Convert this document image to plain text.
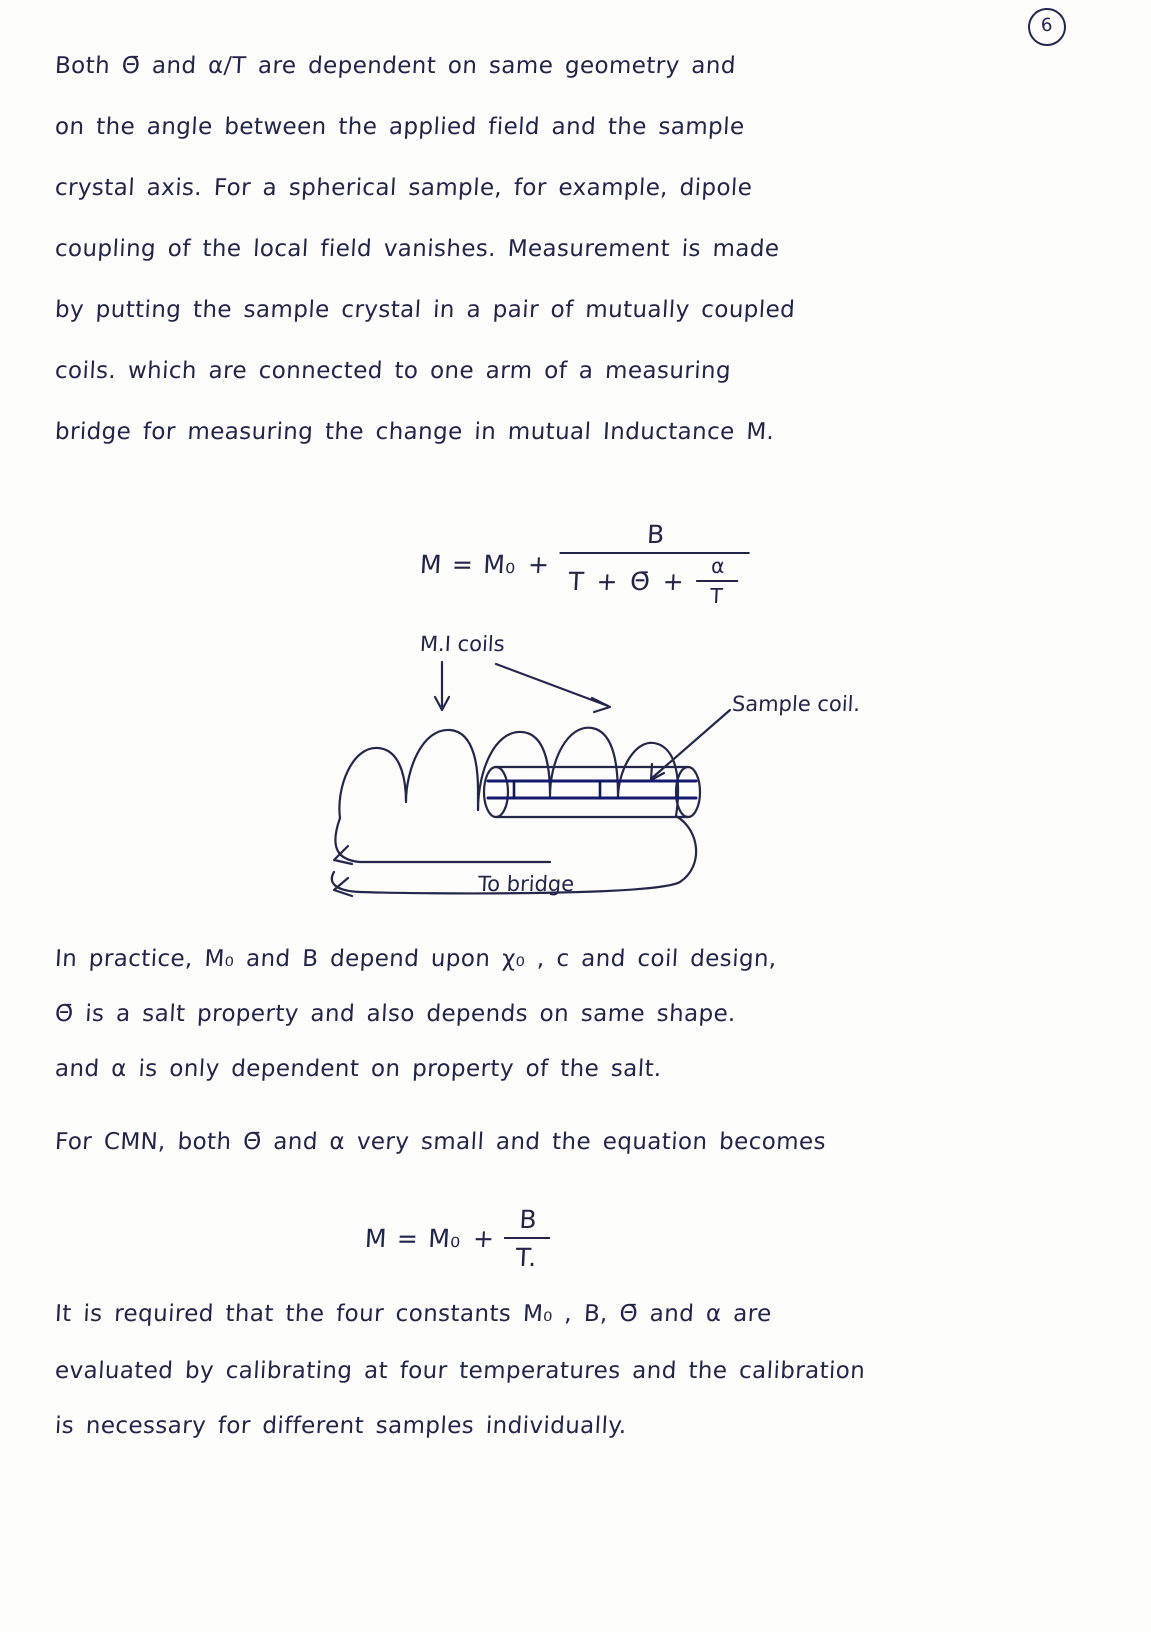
6
Both Θ̄ and α/T are dependent on same geometry and
on the angle between the applied field and the sample
crystal axis. For a spherical sample, for example, dipole
coupling of the local field vanishes. Measurement is made
by putting the sample crystal in a pair of mutually coupled
coils. which are connected to one arm of a measuring
bridge for measuring the change in mutual Inductance M.
$M = M_0 + \frac{B}{T + \Thetā + \frac{\alpha}{T}}$
M.I coils
Sample coil.
To bridge
In practice, M₀ and B depend upon χ₀ , c and coil design,
Θ̄ is a salt property and also depends on same shape.
and α is only dependent on property of the salt.
For CMN, both Θ̄ and α very small and the equation becomes
$M = M_0 + \frac{B}{T.}$
It is required that the four constants M₀ , B, Θ̄ and α are
evaluated by calibrating at four temperatures and the calibration
is necessary for different samples individually.
